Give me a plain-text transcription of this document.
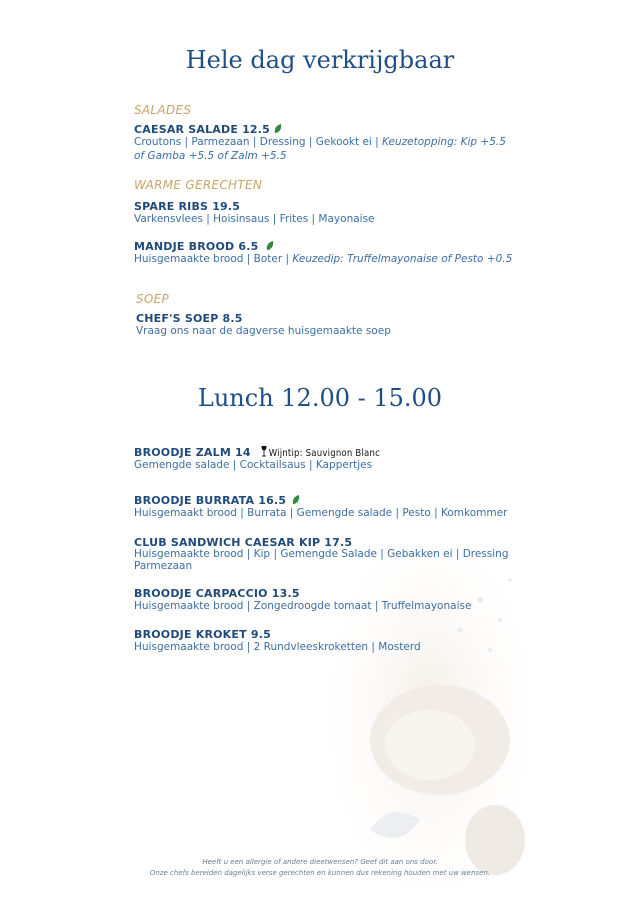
Hele dag verkrijgbaar
SALADES
CAESAR SALADE 12.5
Croutons | Parmezaan | Dressing | Gekookt ei | Keuzetopping: Kip +5.5 of Gamba +5.5 of Zalm +5.5
WARME GERECHTEN
SPARE RIBS 19.5
Varkensvlees | Hoisinsaus | Frites | Mayonaise
MANDJE BROOD 6.5
Huisgemaakte brood | Boter | Keuzedip: Truffelmayonaise of Pesto +0.5
SOEP
CHEF'S SOEP 8.5
Vraag ons naar de dagverse huisgemaakte soep
Lunch 12.00 - 15.00
BROODJE ZALM 14 Wijntip: Sauvignon Blanc
Gemengde salade | Cocktailsaus | Kappertjes
BROODJE BURRATA 16.5
Huisgemaakt brood | Burrata | Gemengde salade | Pesto | Komkommer
CLUB SANDWICH CAESAR KIP 17.5
Huisgemaakte brood | Kip | Gemengde Salade | Gebakken ei | Dressing Parmezaan
BROODJE CARPACCIO 13.5
Huisgemaakte brood | Zongedroogde tomaat | Truffelmayonaise
BROODJE KROKET 9.5
Huisgemaakte brood | 2 Rundvleeskroketten | Mosterd
Heeft u een allergie of andere dieetwensen? Geef dit aan ons door.
Onze chefs bereiden dagelijks verse gerechten en kunnen dus rekening houden met uw wensen.
